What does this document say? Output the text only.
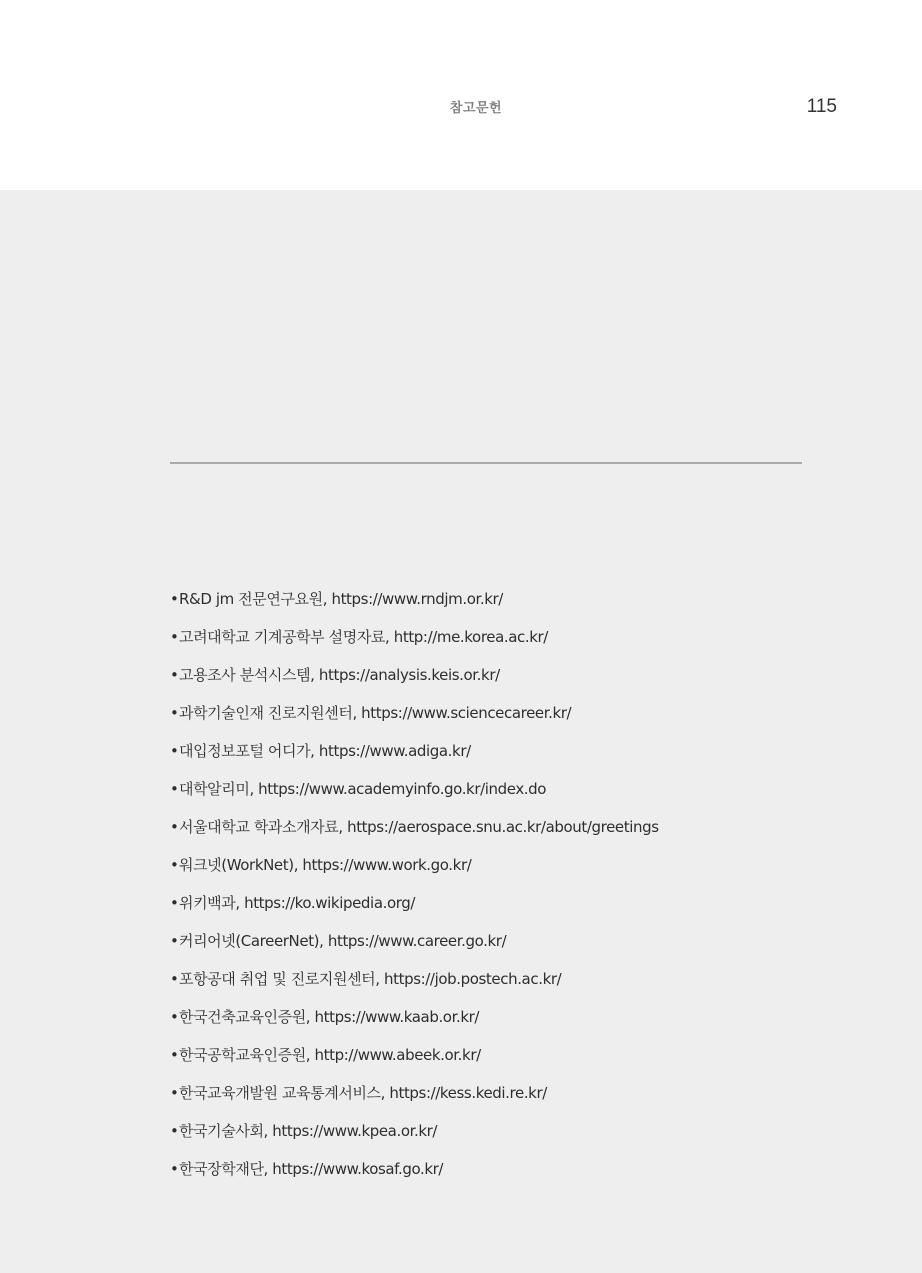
참고문헌	115
•R&D jm 전문연구요원, https://www.rndjm.or.kr/
•고려대학교 기계공학부 설명자료, http://me.korea.ac.kr/
•고용조사 분석시스템, https://analysis.keis.or.kr/
•과학기술인재 진로지원센터, https://www.sciencecareer.kr/
•대입정보포털 어디가, https://www.adiga.kr/
•대학알리미, https://www.academyinfo.go.kr/index.do
•서울대학교 학과소개자료, https://aerospace.snu.ac.kr/about/greetings
•워크넷(WorkNet), https://www.work.go.kr/
•위키백과, https://ko.wikipedia.org/
•커리어넷(CareerNet), https://www.career.go.kr/
•포항공대 취업 및 진로지원센터, https://job.postech.ac.kr/
•한국건축교육인증원, https://www.kaab.or.kr/
•한국공학교육인증원, http://www.abeek.or.kr/
•한국교육개발원 교육통계서비스, https://kess.kedi.re.kr/
•한국기술사회, https://www.kpea.or.kr/
•한국장학재단, https://www.kosaf.go.kr/
